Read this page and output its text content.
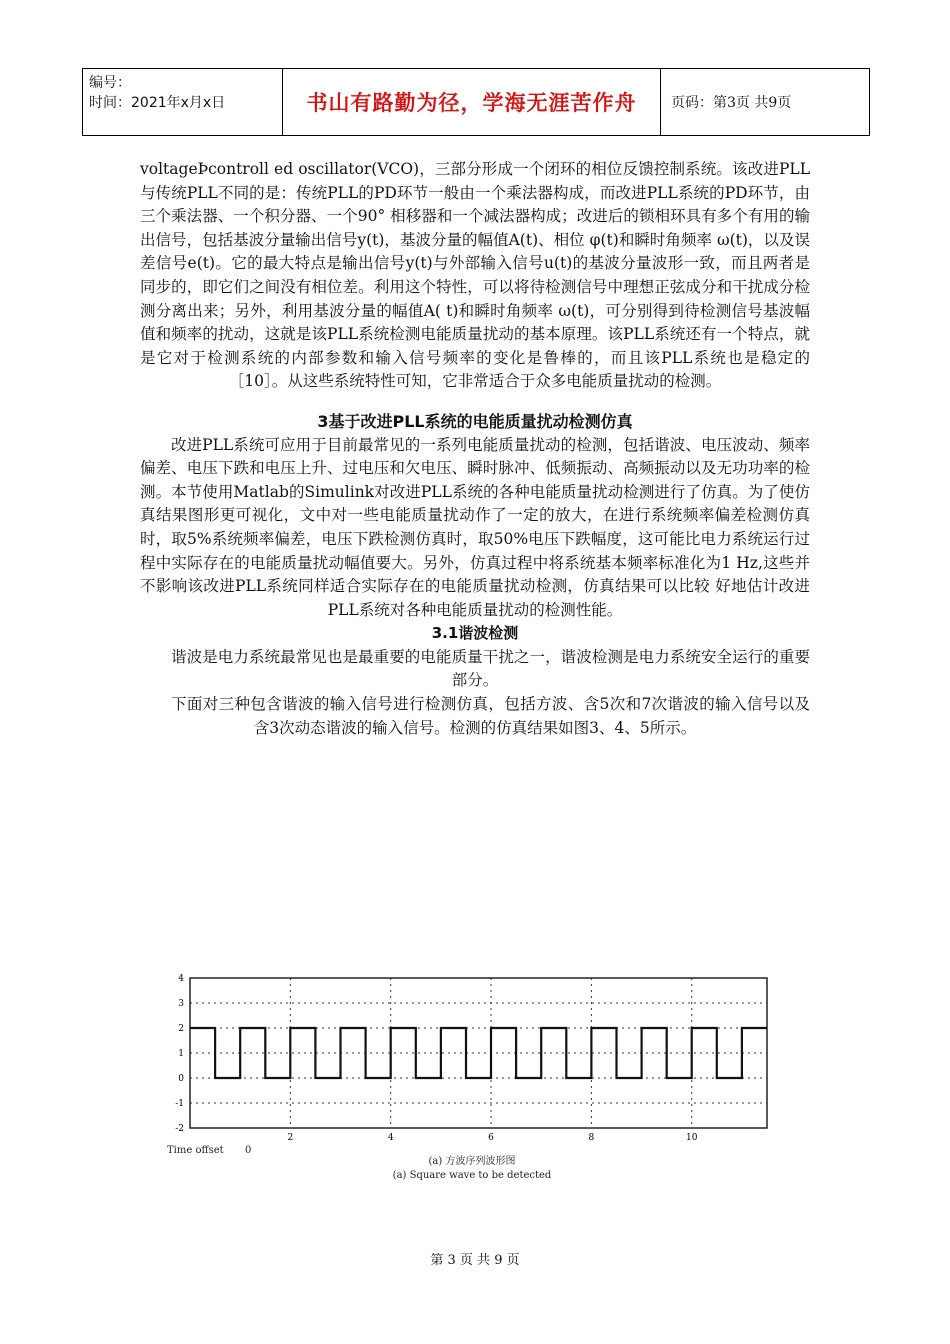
编号：
时间：2021年x月x日	书山有路勤为径，学海无涯苦作舟	页码：第3页 共9页

voltageÞcontroll ed oscillator(VCO)，三部分形成一个闭环的相位反馈控制系统。该改进PLL与传统PLL不同的是：传统PLL的PD环节一般由一个乘法器构成，而改进PLL系统的PD环节，由三个乘法器、一个积分器、一个90° 相移器和一个减法器构成；改进后的锁相环具有多个有用的输出信号，包括基波分量输出信号y(t)，基波分量的幅值A(t)、相位 φ(t)和瞬时角频率 ω(t)，以及误差信号e(t)。它的最大特点是输出信号y(t)与外部输入信号u(t)的基波分量波形一致，而且两者是同步的，即它们之间没有相位差。利用这个特性，可以将待检测信号中理想正弦成分和干扰成分检测分离出来；另外，利用基波分量的幅值A( t)和瞬时角频率 ω(t)，可分别得到待检测信号基波幅值和频率的扰动，这就是该PLL系统检测电能质量扰动的基本原理。该PLL系统还有一个特点，就是它对于检测系统的内部参数和输入信号频率的变化是鲁棒的，而且该PLL系统也是稳定的［10］。从这些系统特性可知，它非常适合于众多电能质量扰动的检测。

3基于改进PLL系统的电能质量扰动检测仿真

改进PLL系统可应用于目前最常见的一系列电能质量扰动的检测，包括谐波、电压波动、频率偏差、电压下跌和电压上升、过电压和欠电压、瞬时脉冲、低频振动、高频振动以及无功功率的检测。本节使用Matlab的Simulink对改进PLL系统的各种电能质量扰动检测进行了仿真。为了使仿真结果图形更可视化，文中对一些电能质量扰动作了一定的放大，在进行系统频率偏差检测仿真时，取5%系统频率偏差，电压下跌检测仿真时，取50%电压下跌幅度，这可能比电力系统运行过程中实际存在的电能质量扰动幅值要大。另外，仿真过程中将系统基本频率标准化为1 Hz,这些并不影响该改进PLL系统同样适合实际存在的电能质量扰动检测，仿真结果可以比较 好地估计改进PLL系统对各种电能质量扰动的检测性能。

3.1谐波检测

谐波是电力系统最常见也是最重要的电能质量干扰之一，谐波检测是电力系统安全运行的重要部分。

下面对三种包含谐波的输入信号进行检测仿真，包括方波、含5次和7次谐波的输入信号以及含3次动态谐波的输入信号。检测的仿真结果如图3、4、5所示。

4
3
2
1
0
-1
-2
2	4	6	8	10
Time offset 0
(a) 方波序列波形图
(a) Square wave to be detected
第 3 页 共 9 页
